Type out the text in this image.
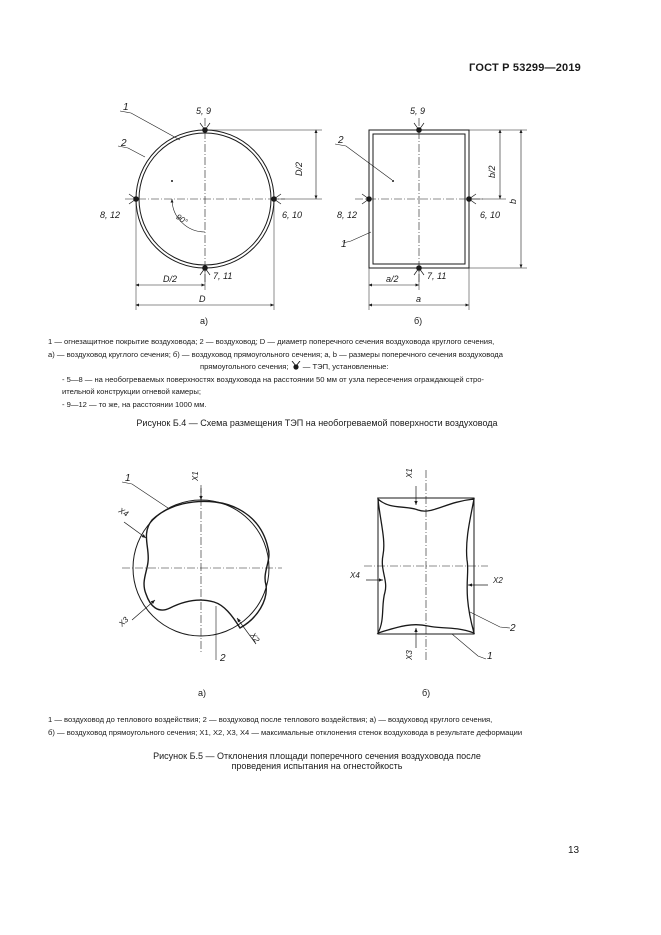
ГОСТ Р 53299—2019
1
2
5, 9
8, 12	6, 10
7, 11
90°
D/2
D/2
D
а)
2
1
5, 9
8, 12	6, 10
7, 11
b/2
b
a/2
a
б)
1
2
X1
X4
X3
X2
а)
X1
X3
X4
X2
2
1
б)

1 — огнезащитное покрытие воздуховода; 2 — воздуховод; D — диаметр поперечного сечения воздуховода круглого сечения,

а) — воздуховод круглого сечения; б) — воздуховод прямоугольного сечения; а, b — размеры поперечного сечения воздуховода

прямоугольного сечения; — ТЭП, установленные:

- 5—8 — на необогреваемых поверхностях воздуховода на расстоянии 50 мм от узла пересечения ограждающей стро-

ительной конструкции огневой камеры;

- 9—12 — то же, на расстоянии 1000 мм.

Рисунок Б.4 — Схема размещения ТЭП на необогреваемой поверхности воздуховода

1 — воздуховод до теплового воздействия; 2 — воздуховод после теплового воздействия; а) — воздуховод круглого сечения,

б) — воздуховод прямоугольного сечения; X1, X2, X3, X4 — максимальные отклонения стенок воздуховода в результате деформации

Рисунок Б.5 — Отклонения площади поперечного сечения воздуховода после
проведения испытания на огнестойкость
13
